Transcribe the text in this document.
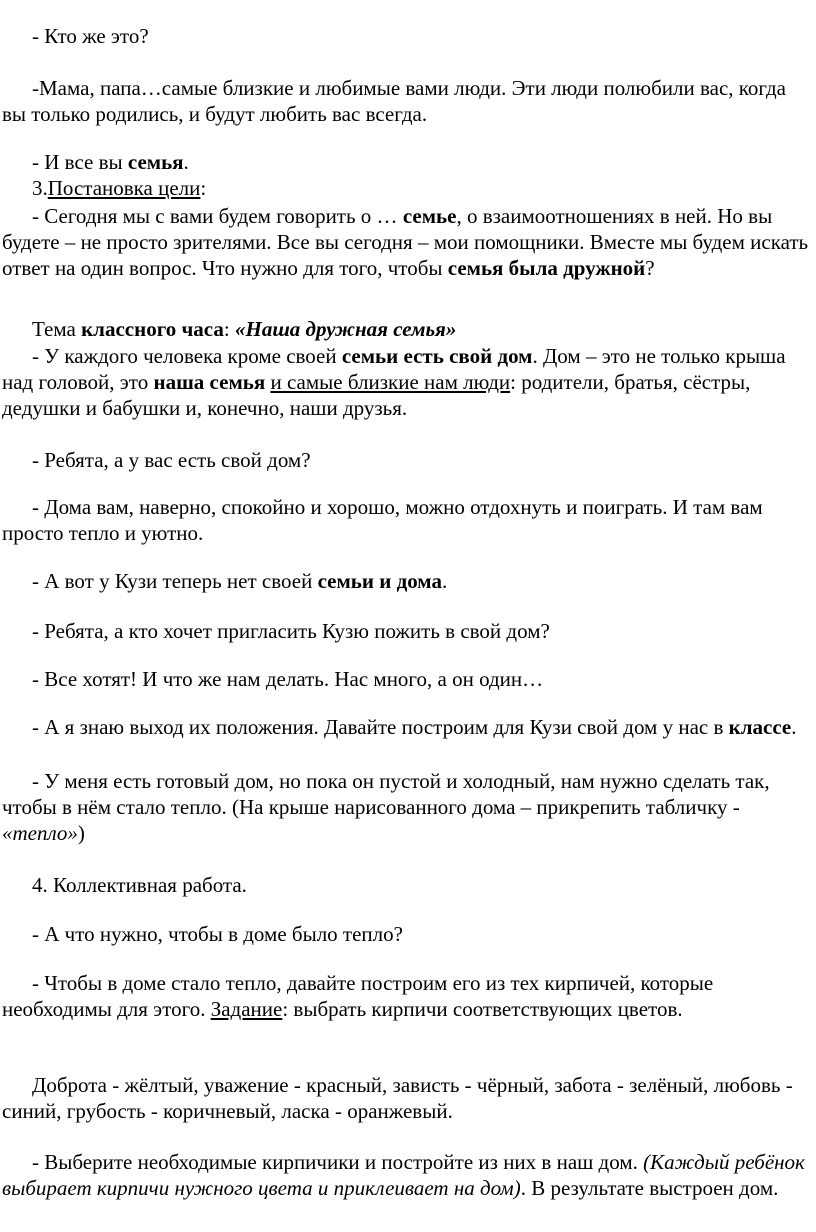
- Кто же это?
-Мама, папа…самые близкие и любимые вами люди. Эти люди полюбили вас, когда вы только родились, и будут любить вас всегда.
- И все вы семья.
3.Постановка цели:
- Сегодня мы с вами будем говорить о … семье, о взаимоотношениях в ней. Но вы будете – не просто зрителями. Все вы сегодня – мои помощники. Вместе мы будем искать ответ на один вопрос. Что нужно для того, чтобы семья была дружной?
Тема классного часа: «Наша дружная семья»
- У каждого человека кроме своей семьи есть свой дом. Дом – это не только крыша над головой, это наша семья и самые близкие нам люди: родители, братья, сёстры, дедушки и бабушки и, конечно, наши друзья.
- Ребята, а у вас есть свой дом?
- Дома вам, наверно, спокойно и хорошо, можно отдохнуть и поиграть. И там вам просто тепло и уютно.
- А вот у Кузи теперь нет своей семьи и дома.
- Ребята, а кто хочет пригласить Кузю пожить в свой дом?
- Все хотят! И что же нам делать. Нас много, а он один…
- А я знаю выход их положения. Давайте построим для Кузи свой дом у нас в классе.
- У меня есть готовый дом, но пока он пустой и холодный, нам нужно сделать так, чтобы в нём стало тепло. (На крыше нарисованного дома – прикрепить табличку - «тепло»)
4. Коллективная работа.
- А что нужно, чтобы в доме было тепло?
- Чтобы в доме стало тепло, давайте построим его из тех кирпичей, которые необходимы для этого. Задание: выбрать кирпичи соответствующих цветов.
Доброта - жёлтый, уважение - красный, зависть - чёрный, забота - зелёный, любовь - синий, грубость - коричневый, ласка - оранжевый.
- Выберите необходимые кирпичики и постройте из них в наш дом. (Каждый ребёнок выбирает кирпичи нужного цвета и приклеивает на дом). В результате выстроен дом.
